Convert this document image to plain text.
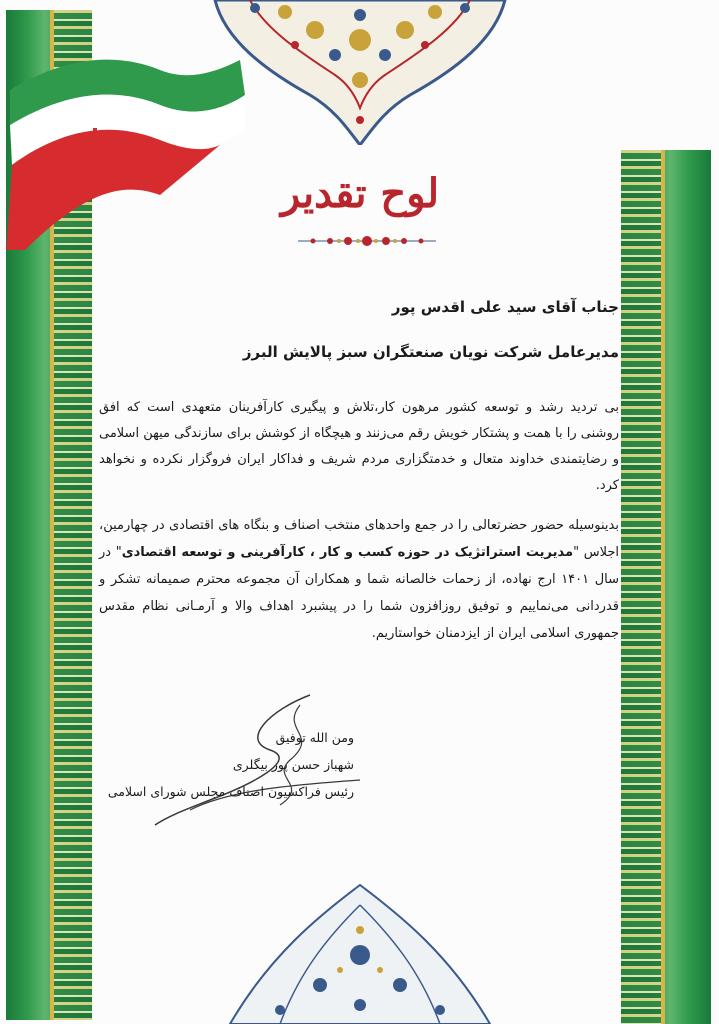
لوح تقدیر
جناب آقای سید علی اقدس پور
مدیرعامل شرکت نویان صنعتگران سبز پالایش البرز
بی تردید رشد و توسعه کشور مرهون کار،تلاش و پیگیری کارآفرینان متعهدی است که افق روشنی را با همت و پشتکار خویش رقم می‌زنند و هیچگاه از کوشش برای سازندگی میهن اسلامی و رضایتمندی خداوند متعال و خدمتگزاری مردم شریف و فداکار ایران فروگزار نکرده و نخواهد کرد.
بدینوسیله حضور حضرتعالی را در جمع واحدهای منتخب اصناف و بنگاه های اقتصادی در چهارمین، اجلاس "مدیریت استراتژیک در حوزه کسب و کار ، کارآفرینی و توسعه اقتصادی" در سال ۱۴۰۱ ارج نهاده، از زحمات خالصانه شما و همکاران آن مجموعه محترم صمیمانه تشکر و قدردانی می‌نماییم و توفیق روزافزون شما را در پیشبرد اهداف والا و آرمـانی نظام مقدس جمهوری اسلامی ایران از ایزدمنان خواستاریم.
ومن الله توفیق
شهباز حسن پور بیگلری
رئیس فراکسیون اصناف مجلس شورای اسلامی
